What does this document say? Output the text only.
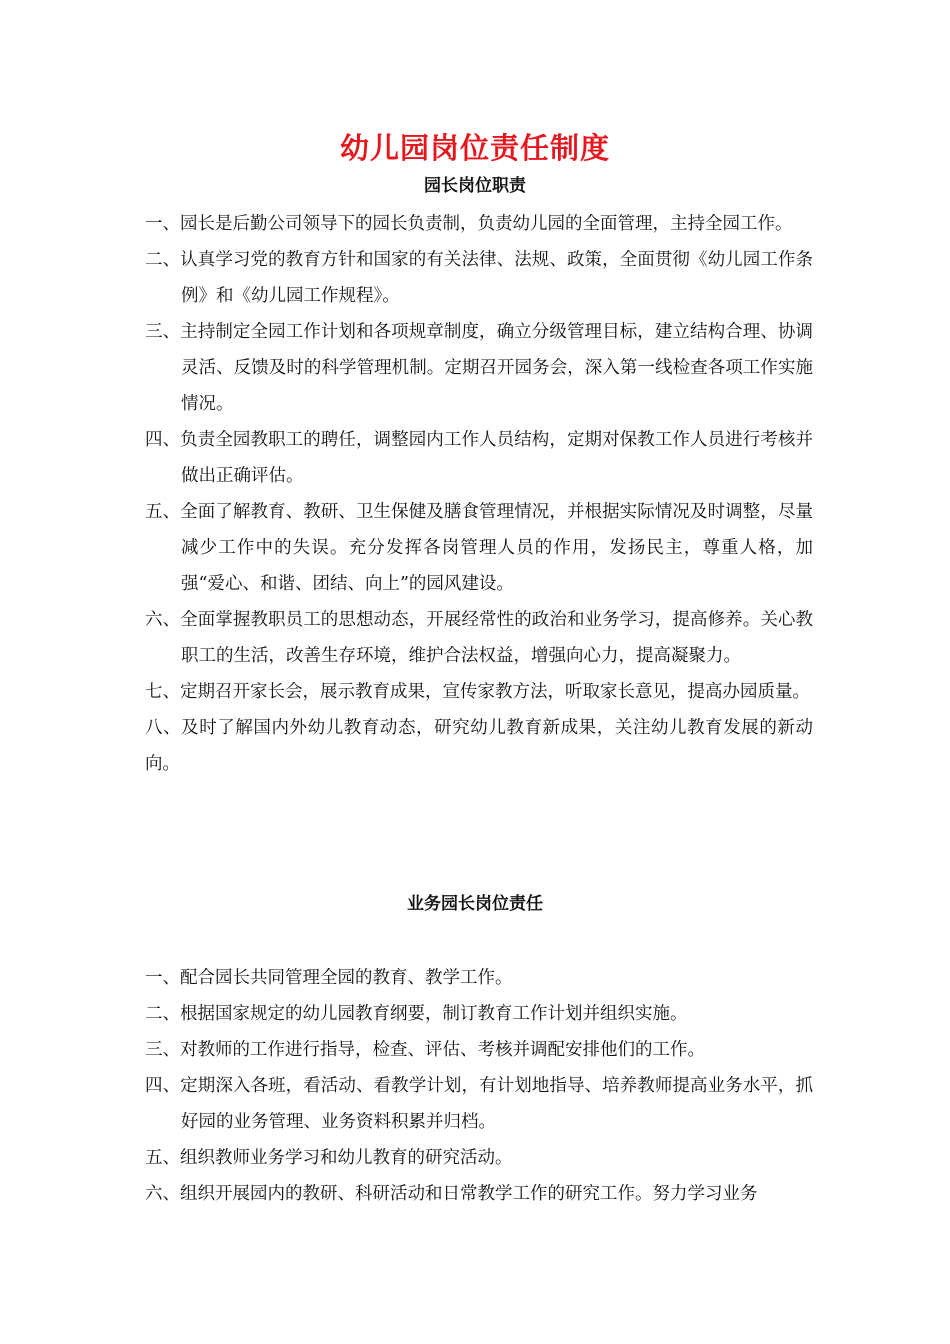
幼儿园岗位责任制度
园长岗位职责
一、园长是后勤公司领导下的园长负责制，负责幼儿园的全面管理，主持全园工作。
二、认真学习党的教育方针和国家的有关法律、法规、政策，全面贯彻《幼儿园工作条例》和《幼儿园工作规程》。
三、主持制定全园工作计划和各项规章制度，确立分级管理目标，建立结构合理、协调灵活、反馈及时的科学管理机制。定期召开园务会，深入第一线检查各项工作实施情况。
四、负责全园教职工的聘任，调整园内工作人员结构，定期对保教工作人员进行考核并做出正确评估。
五、全面了解教育、教研、卫生保健及膳食管理情况，并根据实际情况及时调整，尽量减少工作中的失误。充分发挥各岗管理人员的作用，发扬民主，尊重人格，加强“爱心、和谐、团结、向上”的园风建设。
六、全面掌握教职员工的思想动态，开展经常性的政治和业务学习，提高修养。关心教职工的生活，改善生存环境，维护合法权益，增强向心力，提高凝聚力。
七、定期召开家长会，展示教育成果，宣传家教方法，听取家长意见，提高办园质量。
八、及时了解国内外幼儿教育动态，研究幼儿教育新成果，关注幼儿教育发展的新动向。
业务园长岗位责任
一、配合园长共同管理全园的教育、教学工作。
二、根据国家规定的幼儿园教育纲要，制订教育工作计划并组织实施。
三、对教师的工作进行指导，检查、评估、考核并调配安排他们的工作。
四、定期深入各班，看活动、看教学计划，有计划地指导、培养教师提高业务水平，抓好园的业务管理、业务资料积累并归档。
五、组织教师业务学习和幼儿教育的研究活动。
六、组织开展园内的教研、科研活动和日常教学工作的研究工作。努力学习业务
